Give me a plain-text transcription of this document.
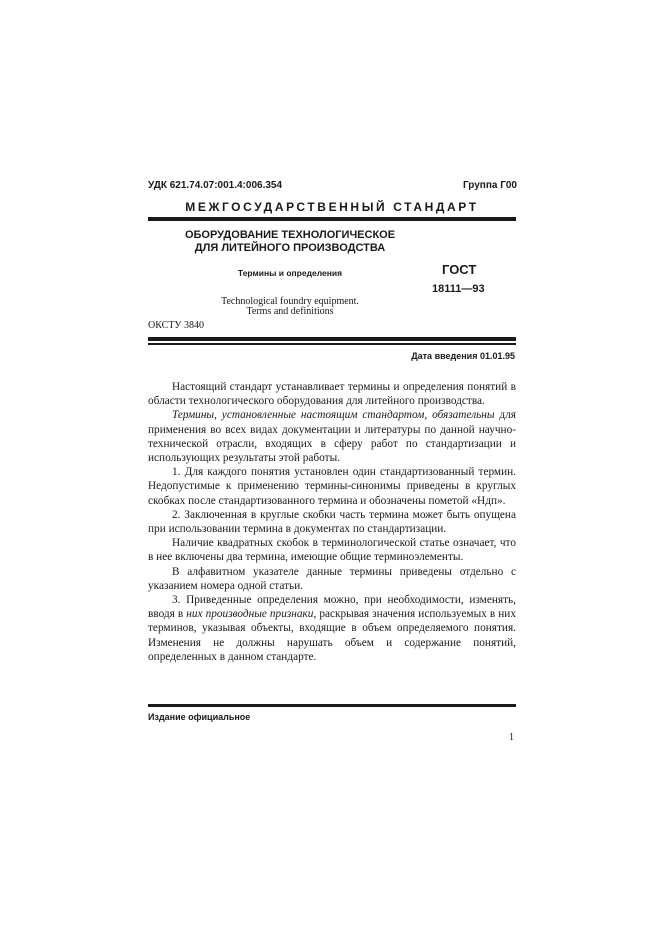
УДК 621.74.07:001.4:006.354	Группа Г00
МЕЖГОСУДАРСТВЕННЫЙ СТАНДАРТ
ОБОРУДОВАНИЕ ТЕХНОЛОГИЧЕСКОЕ
ДЛЯ ЛИТЕЙНОГО ПРОИЗВОДСТВА
Термины и определения	ГОСТ
18111—93
Technological foundry equipment.
Terms and definitions
ОКСТУ 3840
Дата введения 01.01.95

Настоящий стандарт устанавливает термины и определения понятий в области технологического оборудования для литейного производства.

Термины, установленные настоящим стандартом, обязательны для применения во всех видах документации и литературы по данной научно-технической отрасли, входящих в сферу работ по стандартизации и использующих результаты этой работы.

1. Для каждого понятия установлен один стандартизованный термин. Недопустимые к применению термины-синонимы приведены в круглых скобках после стандартизованного термина и обозначены пометой «Ндп».

2. Заключенная в круглые скобки часть термина может быть опущена при использовании термина в документах по стандартизации.

Наличие квадратных скобок в терминологической статье означает, что в нее включены два термина, имеющие общие терминоэлементы.

В алфавитном указателе данные термины приведены отдельно с указанием номера одной статьи.

3. Приведенные определения можно, при необходимости, изменять, вводя в них производные признаки, раскрывая значения используемых в них терминов, указывая объекты, входящие в объем определяемого понятия. Изменения не должны нарушать объем и содержание понятий, определенных в данном стандарте.

Издание официальное
1
